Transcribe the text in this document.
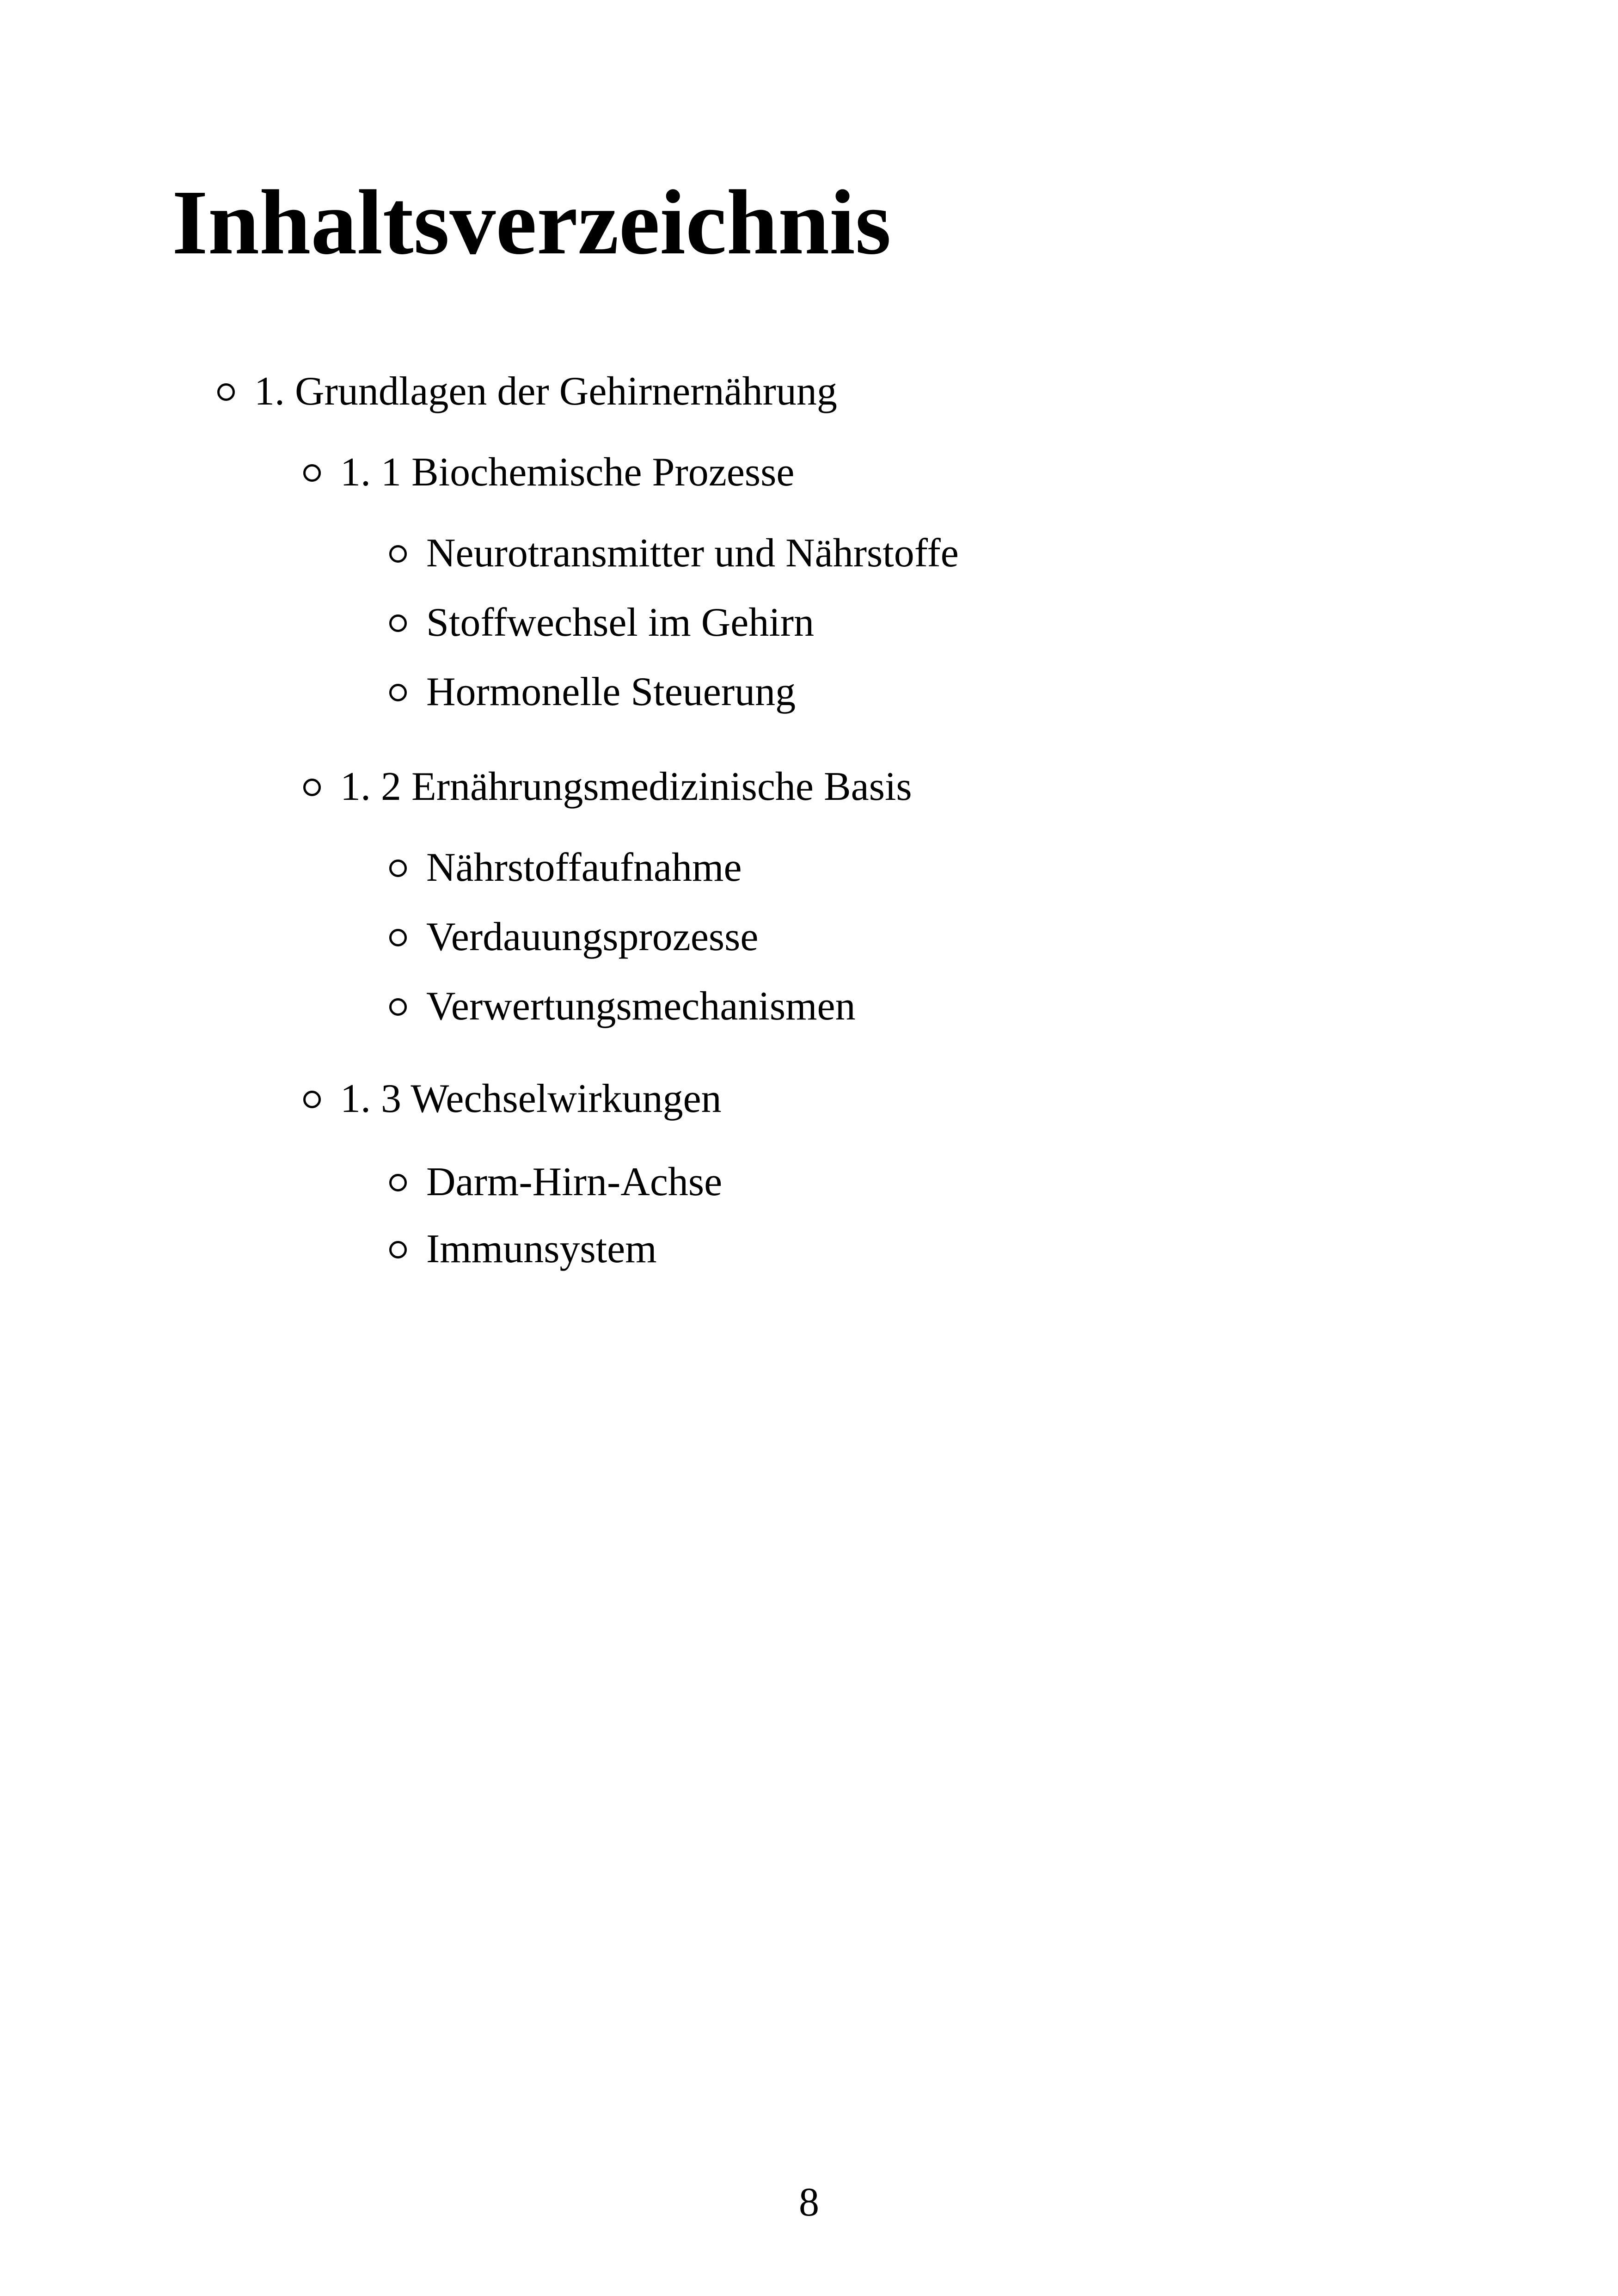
Inhaltsverzeichnis
1. Grundlagen der Gehirnernährung
1. 1 Biochemische Prozesse
Neurotransmitter und Nährstoffe
Stoffwechsel im Gehirn
Hormonelle Steuerung
1. 2 Ernährungsmedizinische Basis
Nährstoffaufnahme
Verdauungsprozesse
Verwertungsmechanismen
1. 3 Wechselwirkungen
Darm-Hirn-Achse
Immunsystem
8
